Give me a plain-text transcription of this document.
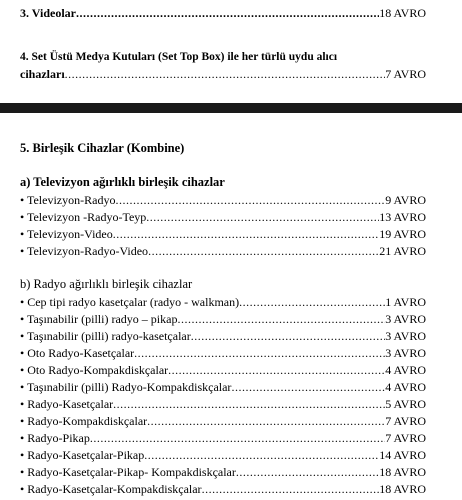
3. Videolar .....	18 AVRO
4. Set Üstü Medya Kutuları (Set Top Box) ile her türlü uydu alıcı
cihazları .....	7 AVRO
5. Birleşik Cihazlar (Kombine)
a) Televizyon ağırlıklı birleşik cihazlar
• Televizyon-Radyo .....	9 AVRO
• Televizyon -Radyo-Teyp .....	13 AVRO
• Televizyon-Video .....	19 AVRO
• Televizyon-Radyo-Video .....	21 AVRO
b) Radyo ağırlıklı birleşik cihazlar
• Cep tipi radyo kasetçalar (radyo - walkman) .....	1 AVRO
• Taşınabilir (pilli) radyo – pikap .....	3 AVRO
• Taşınabilir (pilli) radyo-kasetçalar .....	3 AVRO
• Oto Radyo-Kasetçalar .....	3 AVRO
• Oto Radyo-Kompakdiskçalar .....	4 AVRO
• Taşınabilir (pilli) Radyo-Kompakdiskçalar .....	4 AVRO
• Radyo-Kasetçalar .....	5 AVRO
• Radyo-Kompakdiskçalar .....	7 AVRO
• Radyo-Pikap .....	7 AVRO
• Radyo-Kasetçalar-Pikap .....	14 AVRO
• Radyo-Kasetçalar-Pikap- Kompakdiskçalar .....	18 AVRO
• Radyo-Kasetçalar-Kompakdiskçalar .....	18 AVRO
